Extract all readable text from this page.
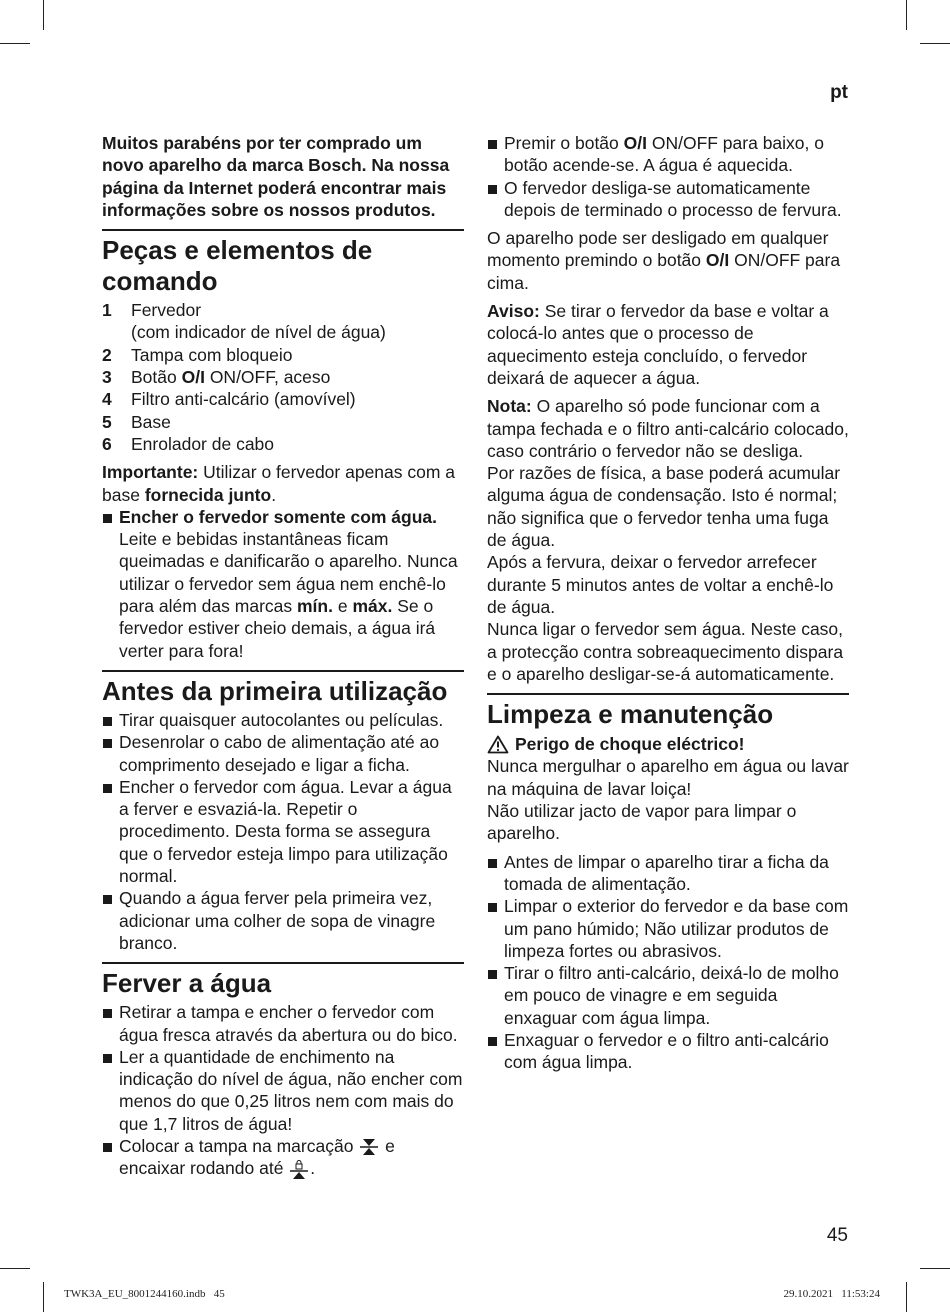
pt

Muitos parabéns por ter comprado um novo aparelho da marca Bosch. Na nossa página da Internet poderá encontrar mais informações sobre os nossos produtos.

Peças e elementos de comando
1	Fervedor
(com indicador de nível de água)
2	Tampa com bloqueio
3	Botão O/I ON/OFF, aceso
4	Filtro anti-calcário (amovível)
5	Base
6	Enrolador de cabo

Importante: Utilizar o fervedor apenas com a base fornecida junto.

Encher o fervedor somente com água. Leite e bebidas instantâneas ficam queimadas e danificarão o aparelho. Nunca utilizar o fervedor sem água nem enchê-lo para além das marcas mín. e máx. Se o fervedor estiver cheio demais, a água irá verter para fora!
Antes da primeira utilização
Tirar quaisquer autocolantes ou películas.
Desenrolar o cabo de alimentação até ao comprimento desejado e ligar a ficha.
Encher o fervedor com água. Levar a água a ferver e esvaziá-la. Repetir o procedimento. Desta forma se assegura que o fervedor esteja limpo para utilização normal.
Quando a água ferver pela primeira vez, adicionar uma colher de sopa de vinagre branco.
Ferver a água
Retirar a tampa e encher o fervedor com água fresca através da abertura ou do bico.
Ler a quantidade de enchimento na indicação do nível de água, não encher com menos do que 0,25 litros nem com mais do que 1,7 litros de água!
Colocar a tampa na marcação  e encaixar rodando até .
Premir o botão O/I ON/OFF para baixo, o botão acende-se. A água é aquecida.
O fervedor desliga-se automaticamente depois de terminado o processo de fervura.

O aparelho pode ser desligado em qualquer momento premindo o botão O/I ON/OFF para cima.

Aviso: Se tirar o fervedor da base e voltar a colocá-lo antes que o processo de aquecimento esteja concluído, o fervedor deixará de aquecer a água.

Nota: O aparelho só pode funcionar com a tampa fechada e o filtro anti-calcário colocado, caso contrário o fervedor não se desliga.

Por razões de física, a base poderá acumular alguma água de condensação. Isto é normal; não significa que o fervedor tenha uma fuga de água.

Após a fervura, deixar o fervedor arrefecer durante 5 minutos antes de voltar a enchê-lo de água.

Nunca ligar o fervedor sem água. Neste caso, a protecção contra sobreaquecimento dispara e o aparelho desligar-se-á automaticamente.

Limpeza e manutenção
Perigo de choque eléctrico!

Nunca mergulhar o aparelho em água ou lavar na máquina de lavar loiça!

Não utilizar jacto de vapor para limpar o aparelho.

Antes de limpar o aparelho tirar a ficha da tomada de alimentação.
Limpar o exterior do fervedor e da base com um pano húmido; Não utilizar produtos de limpeza fortes ou abrasivos.
Tirar o filtro anti-calcário, deixá-lo de molho em pouco de vinagre e em seguida enxaguar com água limpa.
Enxaguar o fervedor e o filtro anti-calcário com água limpa.
45
TWK3A_EU_8001244160.indb   45	29.10.2021   11:53:24
